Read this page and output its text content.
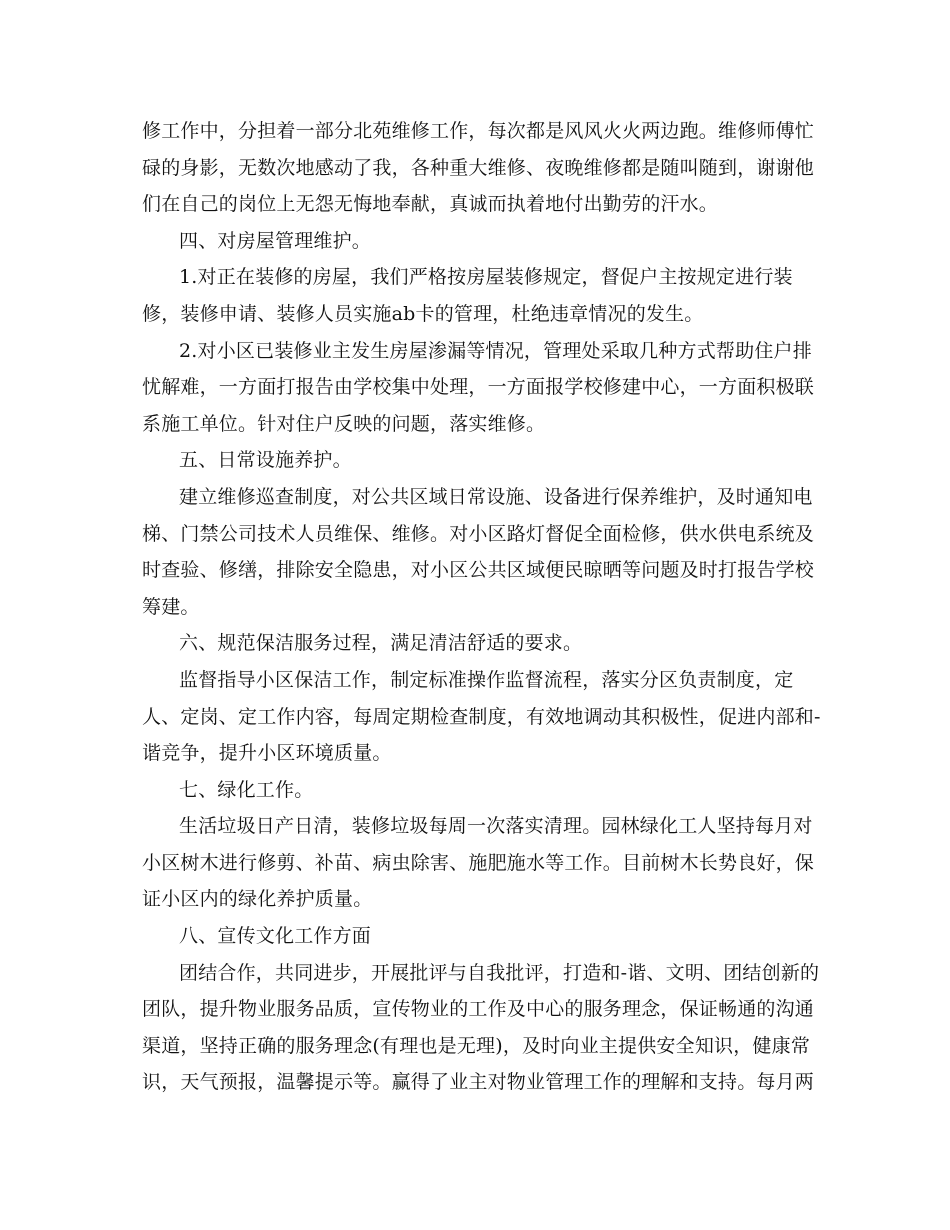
修工作中，分担着一部分北苑维修工作，每次都是风风火火两边跑。维修师傅忙
碌的身影，无数次地感动了我，各种重大维修、夜晚维修都是随叫随到，谢谢他
们在自己的岗位上无怨无悔地奉献，真诚而执着地付出勤劳的汗水。
四、对房屋管理维护。
1.对正在装修的房屋，我们严格按房屋装修规定，督促户主按规定进行装
修，装修申请、装修人员实施ab卡的管理，杜绝违章情况的发生。
2.对小区已装修业主发生房屋渗漏等情况，管理处采取几种方式帮助住户排
忧解难，一方面打报告由学校集中处理，一方面报学校修建中心，一方面积极联
系施工单位。针对住户反映的问题，落实维修。
五、日常设施养护。
建立维修巡查制度，对公共区域日常设施、设备进行保养维护，及时通知电
梯、门禁公司技术人员维保、维修。对小区路灯督促全面检修，供水供电系统及
时查验、修缮，排除安全隐患，对小区公共区域便民晾晒等问题及时打报告学校
筹建。
六、规范保洁服务过程，满足清洁舒适的要求。
监督指导小区保洁工作，制定标准操作监督流程，落实分区负责制度，定
人、定岗、定工作内容，每周定期检查制度，有效地调动其积极性，促进内部和-
谐竞争，提升小区环境质量。
七、绿化工作。
生活垃圾日产日清，装修垃圾每周一次落实清理。园林绿化工人坚持每月对
小区树木进行修剪、补苗、病虫除害、施肥施水等工作。目前树木长势良好，保
证小区内的绿化养护质量。
八、宣传文化工作方面
团结合作，共同进步，开展批评与自我批评，打造和-谐、文明、团结创新的
团队，提升物业服务品质，宣传物业的工作及中心的服务理念，保证畅通的沟通
渠道，坚持正确的服务理念(有理也是无理)，及时向业主提供安全知识，健康常
识，天气预报，温馨提示等。赢得了业主对物业管理工作的理解和支持。每月两
